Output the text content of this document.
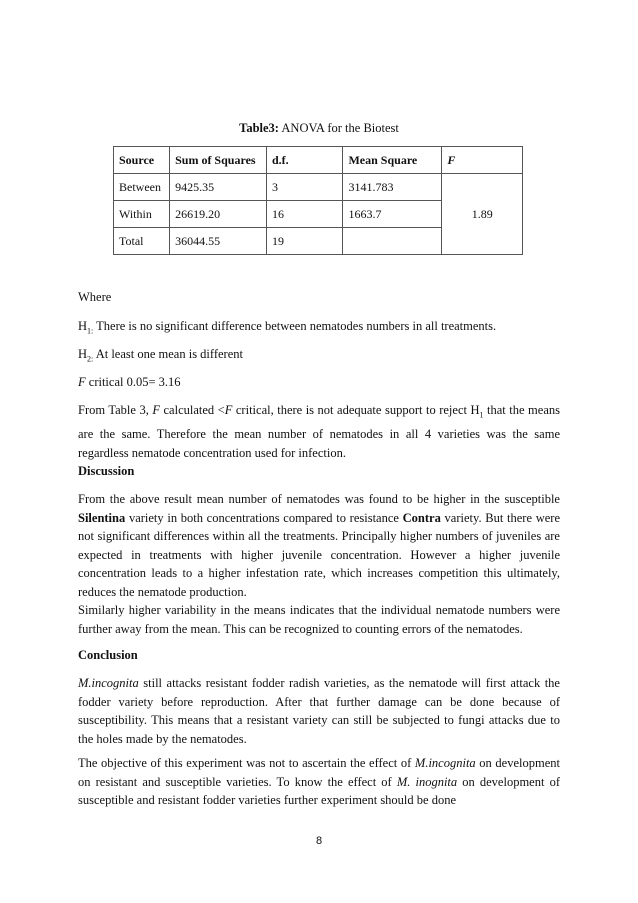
Table3: ANOVA for the Biotest
Source	Sum of Squares	d.f.	Mean Square	F
Between	9425.35	3	3141.783	1.89
Within	26619.20	16	1663.7	
Total	36044.55	19		

Where

$H_{1:}$ There is no significant difference between nematodes numbers in all treatments.

$H_{2:}$ At least one mean is different

F critical 0.05= 3.16

From Table 3, F calculated <F critical, there is not adequate support to reject $H_1$ that the means are the same. Therefore the mean number of nematodes in all 4 varieties was the same regardless nematode concentration used for infection.

Discussion

From the above result mean number of nematodes was found to be higher in the susceptible Silentina variety in both concentrations compared to resistance Contra variety. But there were not significant differences within all the treatments. Principally higher numbers of juveniles are expected in treatments with higher juvenile concentration. However a higher juvenile concentration leads to a higher infestation rate, which increases competition this ultimately, reduces the nematode production.

Similarly higher variability in the means indicates that the individual nematode numbers were further away from the mean. This can be recognized to counting errors of the nematodes.

Conclusion

M.incognita still attacks resistant fodder radish varieties, as the nematode will first attack the fodder variety before reproduction. After that further damage can be done because of susceptibility. This means that a resistant variety can still be subjected to fungi attacks due to the holes made by the nematodes.

The objective of this experiment was not to ascertain the effect of M.incognita on development on resistant and susceptible varieties. To know the effect of M. inognita on development of susceptible and resistant fodder varieties further experiment should be done

8
